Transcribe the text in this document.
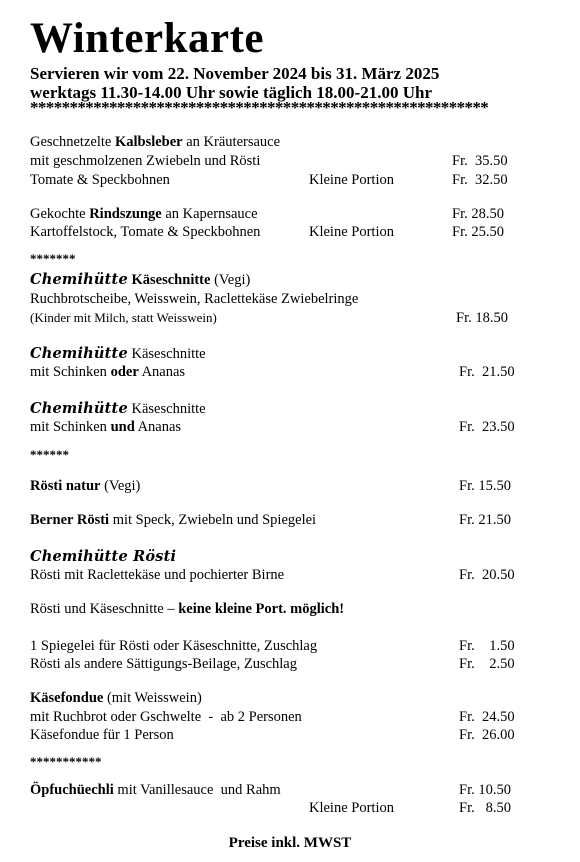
Winterkarte
Servieren wir vom 22. November 2024 bis 31. März 2025
werktags 11.30-14.00 Uhr sowie täglich 18.00-21.00 Uhr
**********************************************************
Geschnetzelte Kalbsleber an Kräutersauce
mit geschmolzenen Zwiebeln und Rösti	Fr.  35.50
Tomate & Speckbohnen	Kleine Portion	Fr.  32.50
Gekochte Rindszunge an Kapernsauce	Fr. 28.50
Kartoffelstock, Tomate & Speckbohnen	Kleine Portion	Fr. 25.50
*******
Chemihütte Käseschnitte (Vegi)
Ruchbrotscheibe, Weisswein, Raclettekäse Zwiebelringe
(Kinder mit Milch, statt Weisswein)	Fr. 18.50
Chemihütte Käseschnitte
mit Schinken oder Ananas	Fr.  21.50
Chemihütte Käseschnitte
mit Schinken und Ananas	Fr.  23.50
******
Rösti natur (Vegi)	Fr. 15.50
Berner Rösti mit Speck, Zwiebeln und Spiegelei	Fr. 21.50
Chemihütte Rösti
Rösti mit Raclettekäse und pochierter Birne	Fr.  20.50
Rösti und Käseschnitte – keine kleine Port. möglich!
1 Spiegelei für Rösti oder Käseschnitte, Zuschlag	Fr.    1.50
Rösti als andere Sättigungs-Beilage, Zuschlag	Fr.    2.50
Käsefondue (mit Weisswein)
mit Ruchbrot oder Gschwelte  -  ab 2 Personen	Fr.  24.50
Käsefondue für 1 Person	Fr.  26.00
***********
Öpfuchüechli mit Vanillesauce  und Rahm	Fr. 10.50
Kleine Portion	Fr.   8.50
Preise inkl. MWST
